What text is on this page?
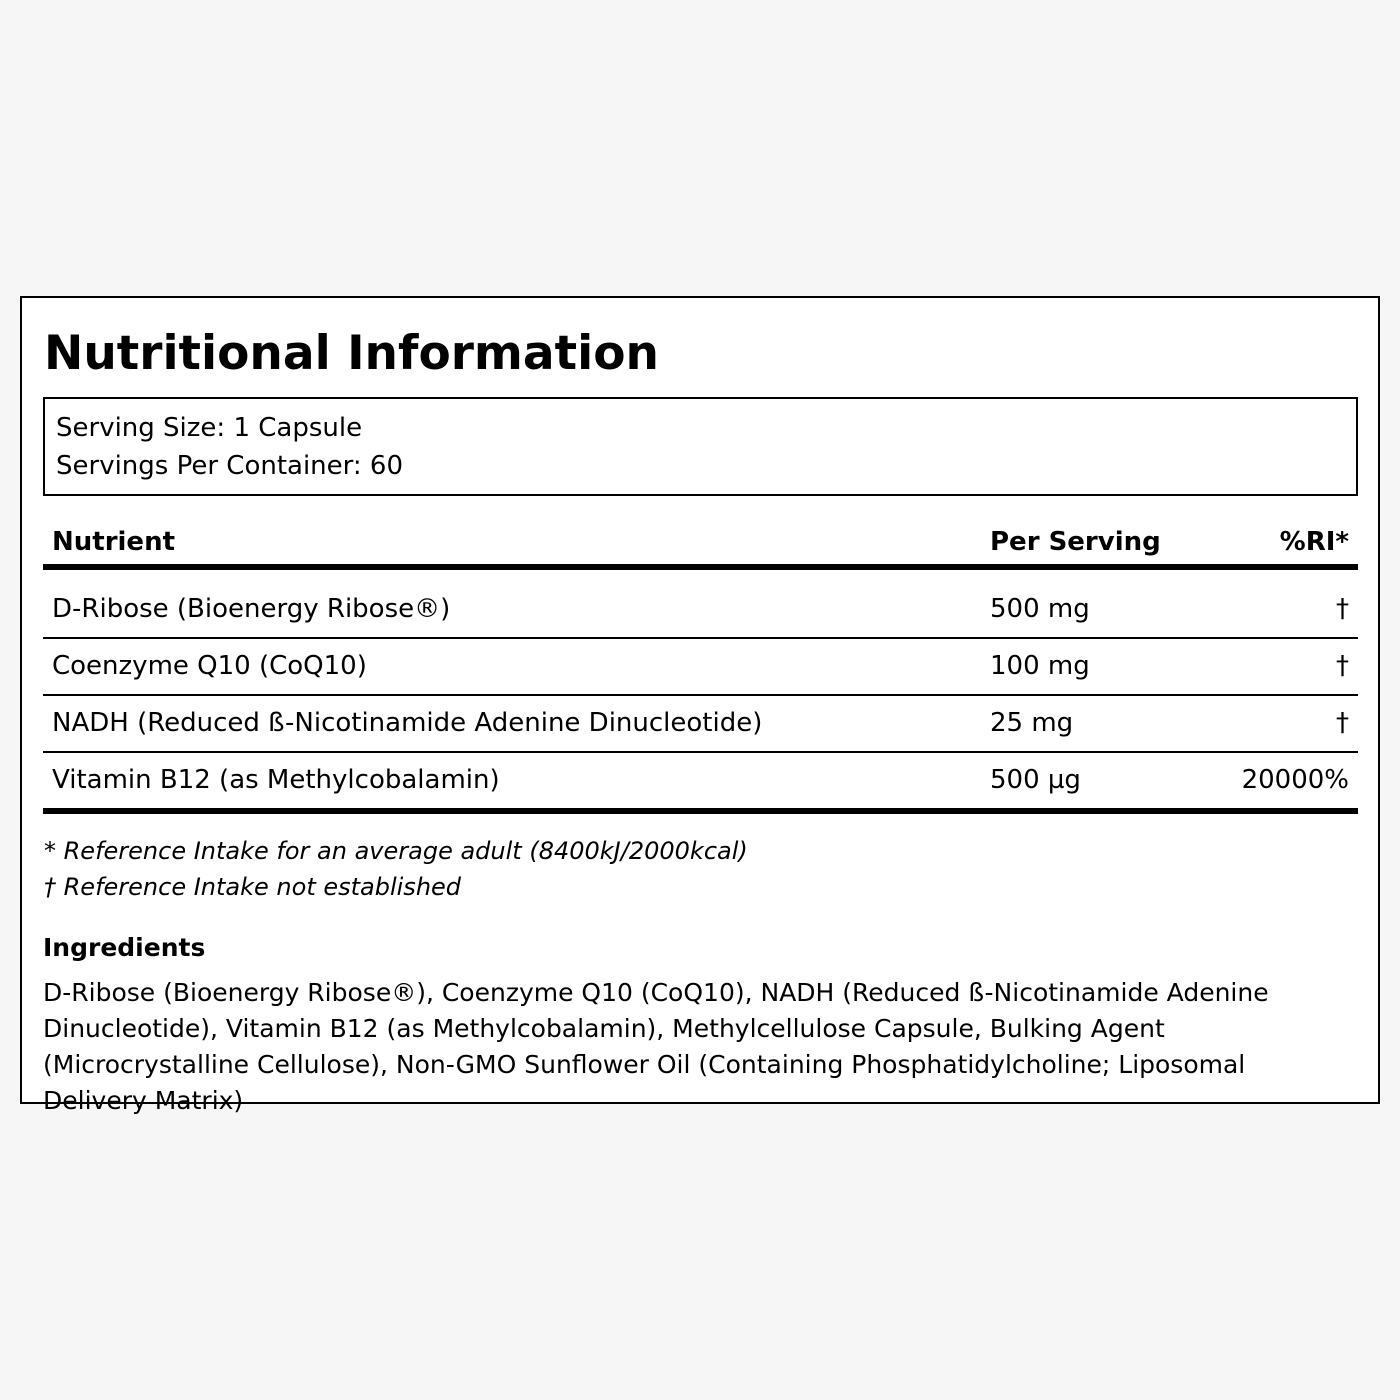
Nutritional Information
Serving Size: 1 Capsule
Servings Per Container: 60
Nutrient	Per Serving	%RI*
D-Ribose (Bioenergy Ribose®)	500 mg	†
Coenzyme Q10 (CoQ10)	100 mg	†
NADH (Reduced ß-Nicotinamide Adenine Dinucleotide)	25 mg	†
Vitamin B12 (as Methylcobalamin)	500 µg	20000%
* Reference Intake for an average adult (8400kJ/2000kcal)
† Reference Intake not established
Ingredients

D-Ribose (Bioenergy Ribose®), Coenzyme Q10 (CoQ10), NADH (Reduced ß-Nicotinamide Adenine Dinucleotide), Vitamin B12 (as Methylcobalamin), Methylcellulose Capsule, Bulking Agent (Microcrystalline Cellulose), Non-GMO Sunflower Oil (Containing Phosphatidylcholine; Liposomal Delivery Matrix)
